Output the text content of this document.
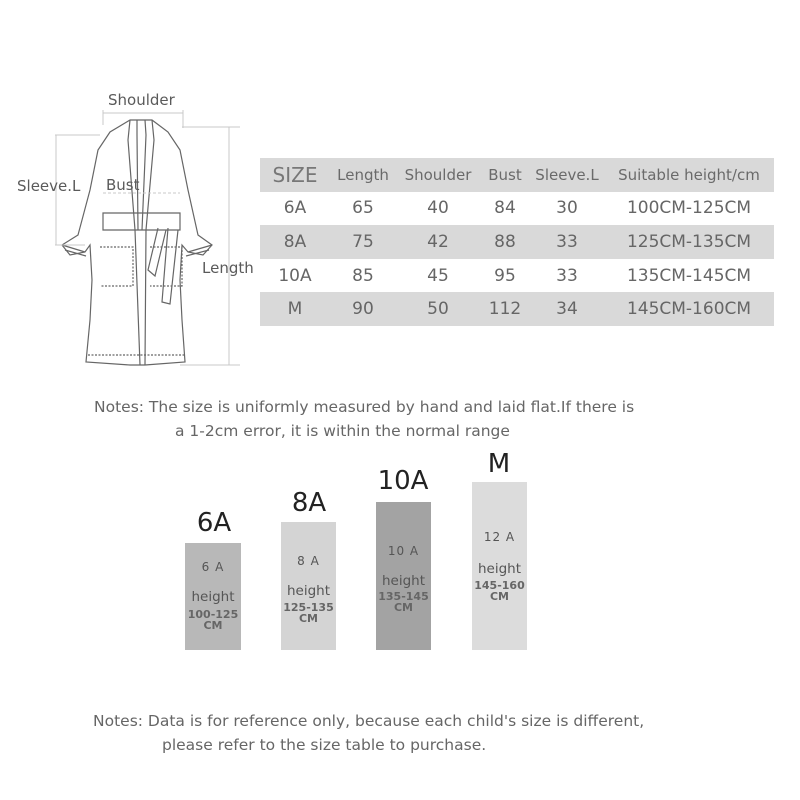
Shoulder
Sleeve.L Bust
Length
SIZE	Length	Shoulder	Bust	Sleeve.L	Suitable height/cm
6A	65	40	84	30	100CM-125CM
8A	75	42	88	33	125CM-135CM
10A	85	45	95	33	135CM-145CM
M	90	50	112	34	145CM-160CM
Notes: The size is uniformly measured by hand and laid flat.If there is
a 1-2cm error, it is within the normal range
6A
6 A
height
100-125
CM
8A
8 A
height
125-135
CM
10A
10 A
height
135-145
CM
M
12 A
height
145-160
CM
Notes: Data is for reference only, because each child's size is different,
please refer to the size table to purchase.
